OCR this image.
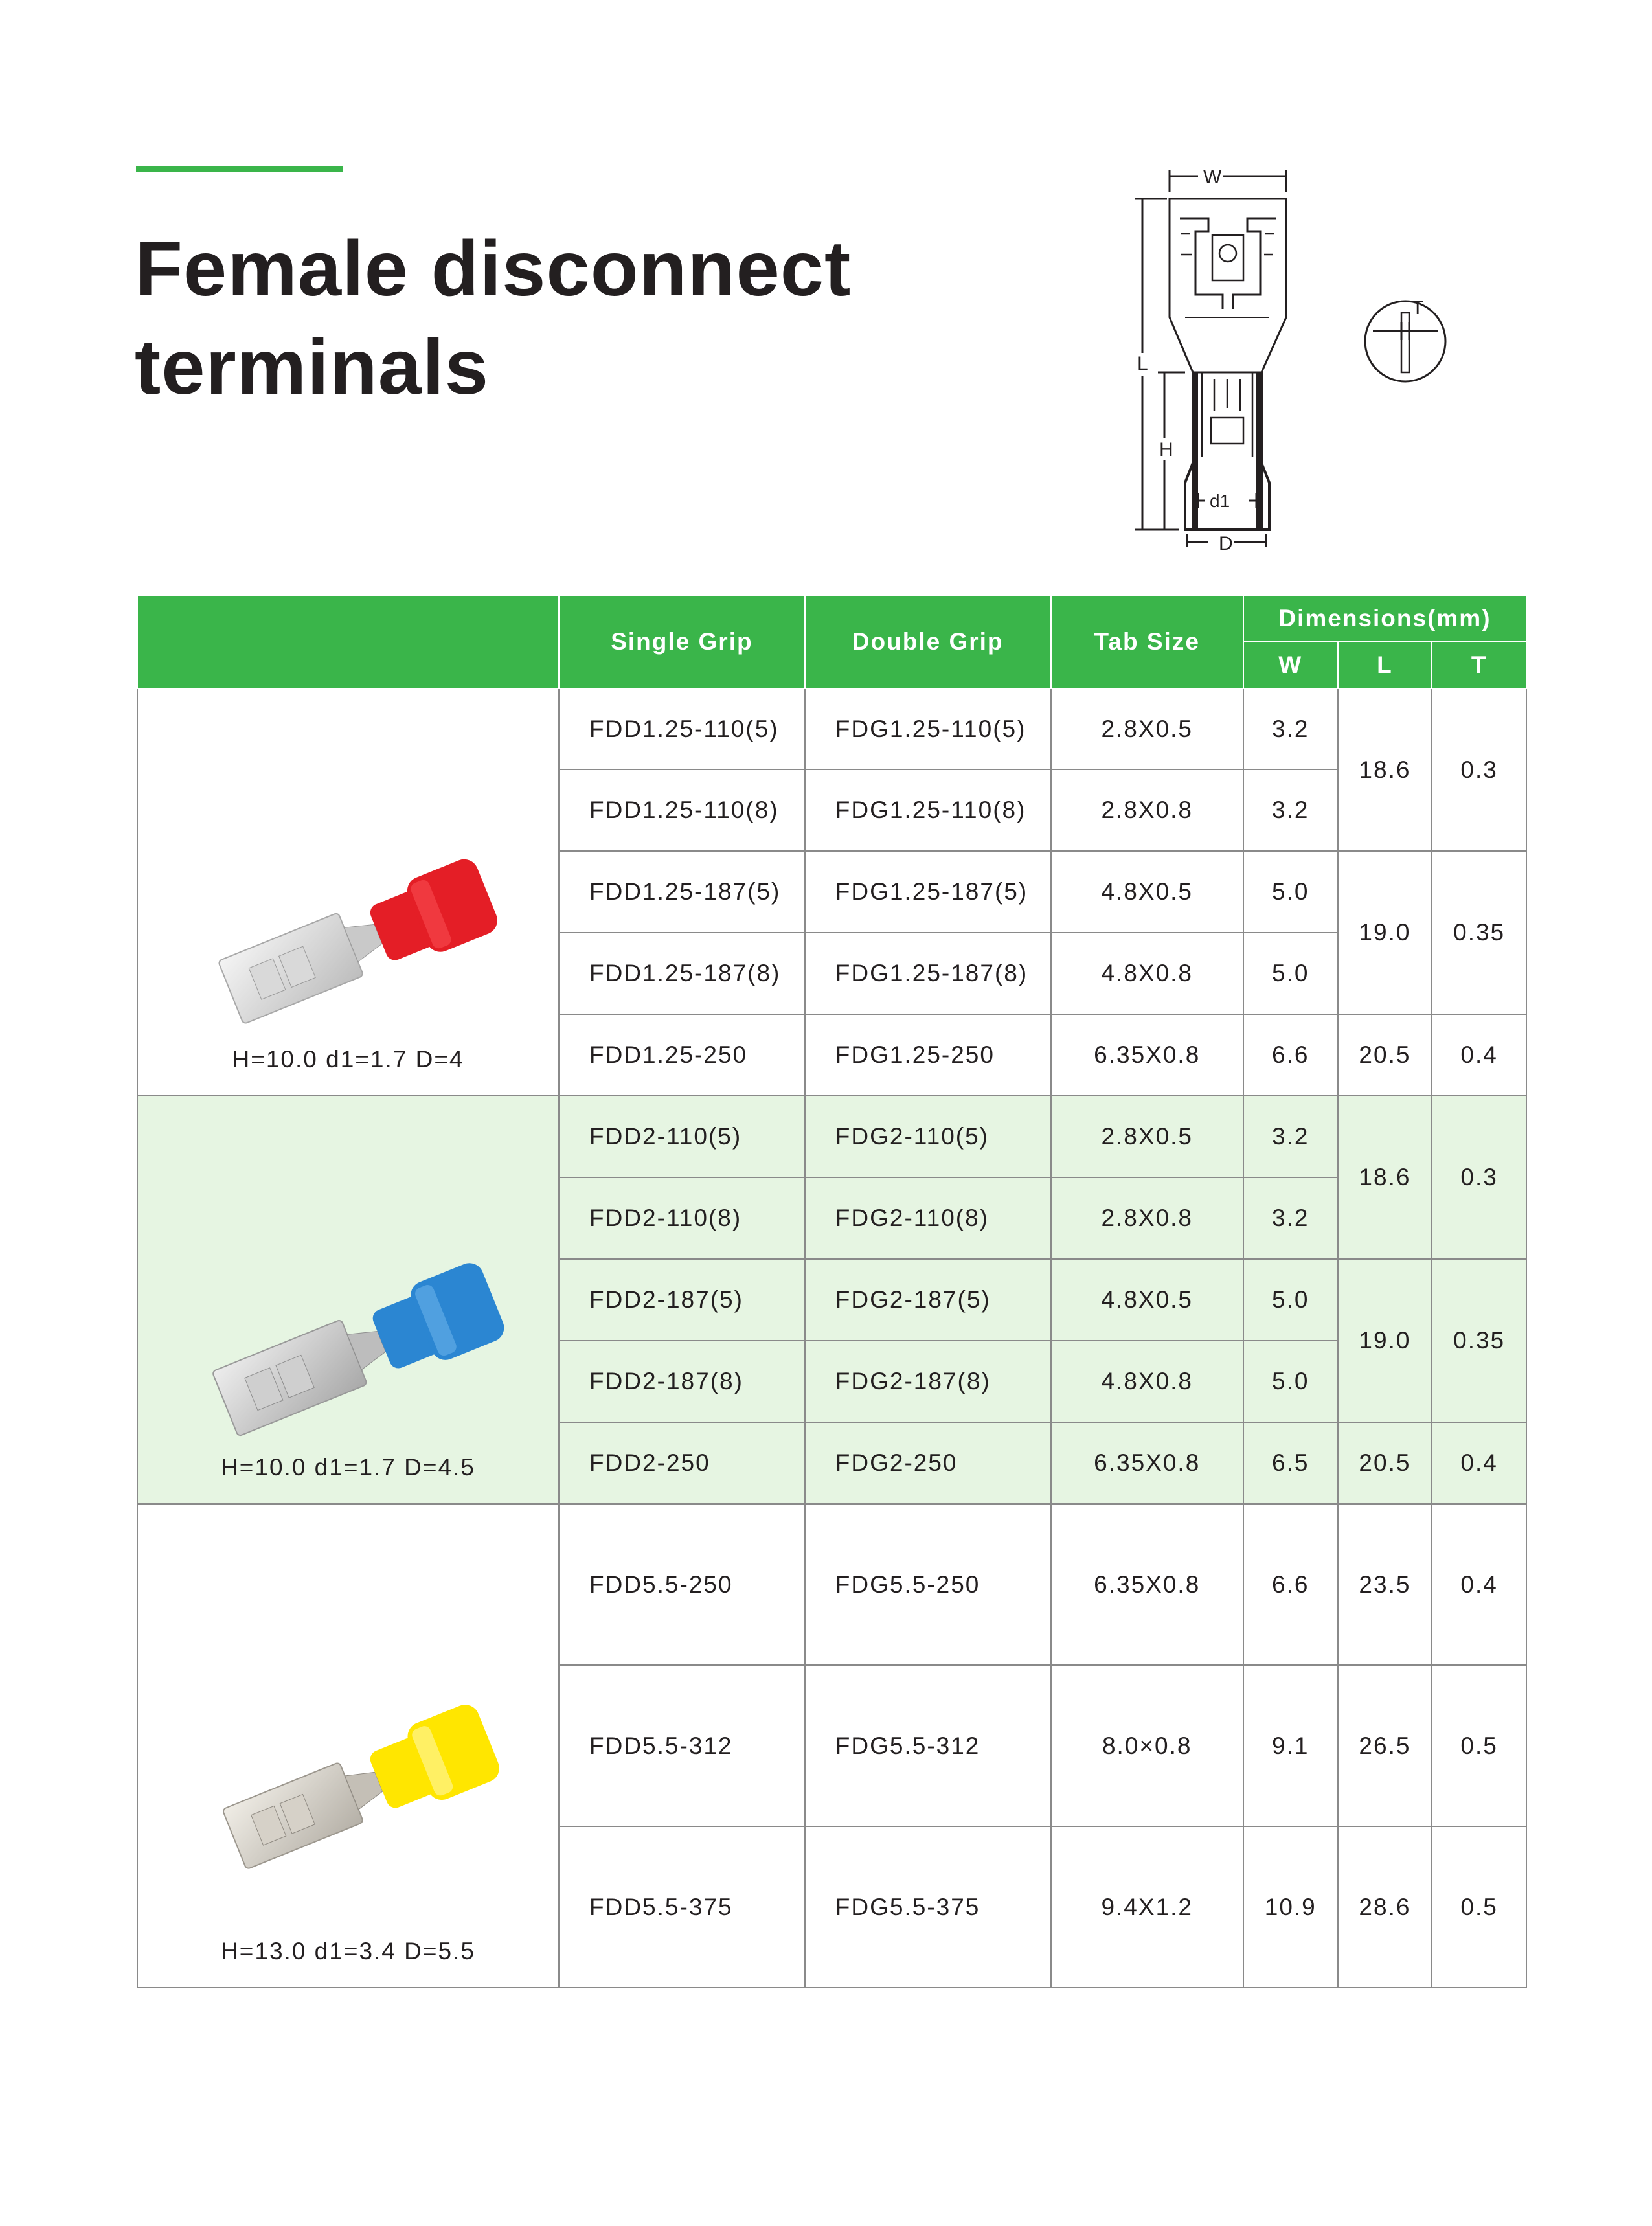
Female disconnect
terminals
W
L
H
d1
D
T
	Single Grip	Double Grip	Tab Size	Dimensions(mm)		
				W	L	T

H=10.0 d1=1.7 D=4	FDD1.25-110(5)	FDG1.25-110(5)	2.8X0.5	3.2	18.6	0.3
	FDD1.25-110(8)	FDG1.25-110(8)	2.8X0.8	3.2		
	FDD1.25-187(5)	FDG1.25-187(5)	4.8X0.5	5.0	19.0	0.35
	FDD1.25-187(8)	FDG1.25-187(8)	4.8X0.8	5.0		
	FDD1.25-250	FDG1.25-250	6.35X0.8	6.6	20.5	0.4

H=10.0 d1=1.7 D=4.5	FDD2-110(5)	FDG2-110(5)	2.8X0.5	3.2	18.6	0.3
	FDD2-110(8)	FDG2-110(8)	2.8X0.8	3.2		
	FDD2-187(5)	FDG2-187(5)	4.8X0.5	5.0	19.0	0.35
	FDD2-187(8)	FDG2-187(8)	4.8X0.8	5.0		
	FDD2-250	FDG2-250	6.35X0.8	6.5	20.5	0.4

H=13.0 d1=3.4 D=5.5	FDD5.5-250	FDG5.5-250	6.35X0.8	6.6	23.5	0.4
	FDD5.5-312	FDG5.5-312	8.0×0.8	9.1	26.5	0.5
	FDD5.5-375	FDG5.5-375	9.4X1.2	10.9	28.6	0.5
